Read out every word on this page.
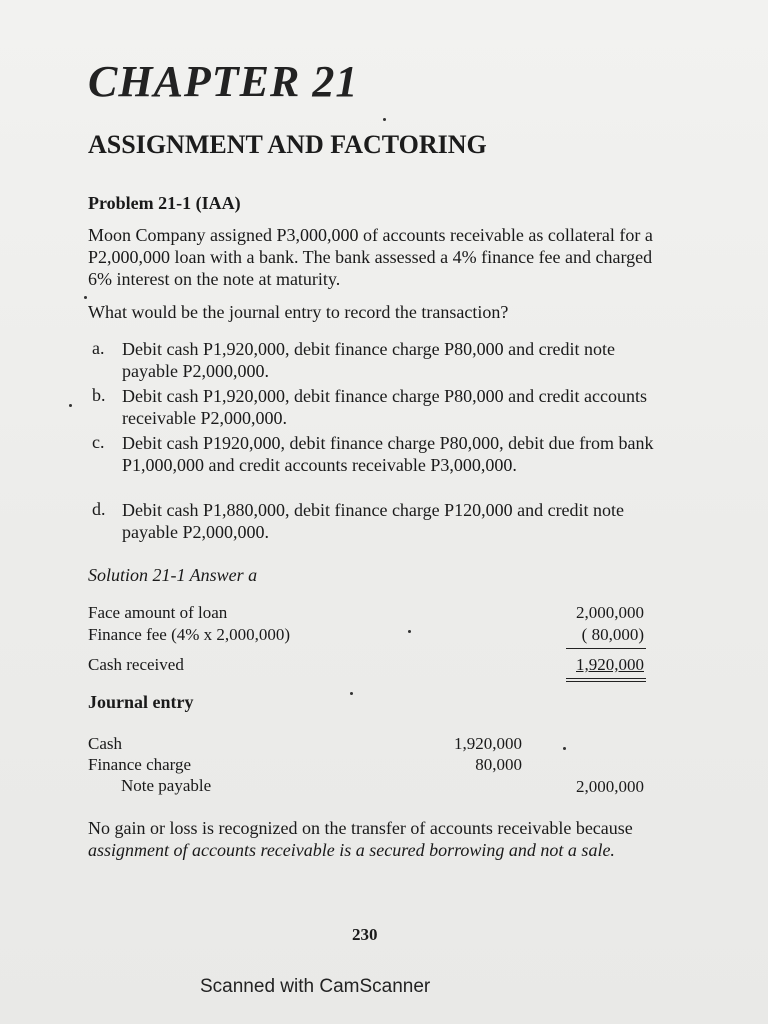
CHAPTER 21
ASSIGNMENT AND FACTORING
Problem 21-1 (IAA)
Moon Company assigned P3,000,000 of accounts receivable as collateral for a P2,000,000 loan with a bank. The bank assessed a 4% finance fee and charged 6% interest on the note at maturity.
What would be the journal entry to record the transaction?
a. Debit cash P1,920,000, debit finance charge P80,000 and credit note payable P2,000,000.
b. Debit cash P1,920,000, debit finance charge P80,000 and credit accounts receivable P2,000,000.
c. Debit cash P1920,000, debit finance charge P80,000, debit due from bank P1,000,000 and credit accounts receivable P3,000,000.
d. Debit cash P1,880,000, debit finance charge P120,000 and credit note payable P2,000,000.
Solution 21-1 Answer a
Face amount of loan	2,000,000
Finance fee (4% x 2,000,000)	( 80,000)
Cash received	1,920,000
Journal entry
Cash	1,920,000
Finance charge	80,000
Note payable	2,000,000
No gain or loss is recognized on the transfer of accounts receivable because assignment of accounts receivable is a secured borrowing and not a sale.
230
Scanned with CamScanner
